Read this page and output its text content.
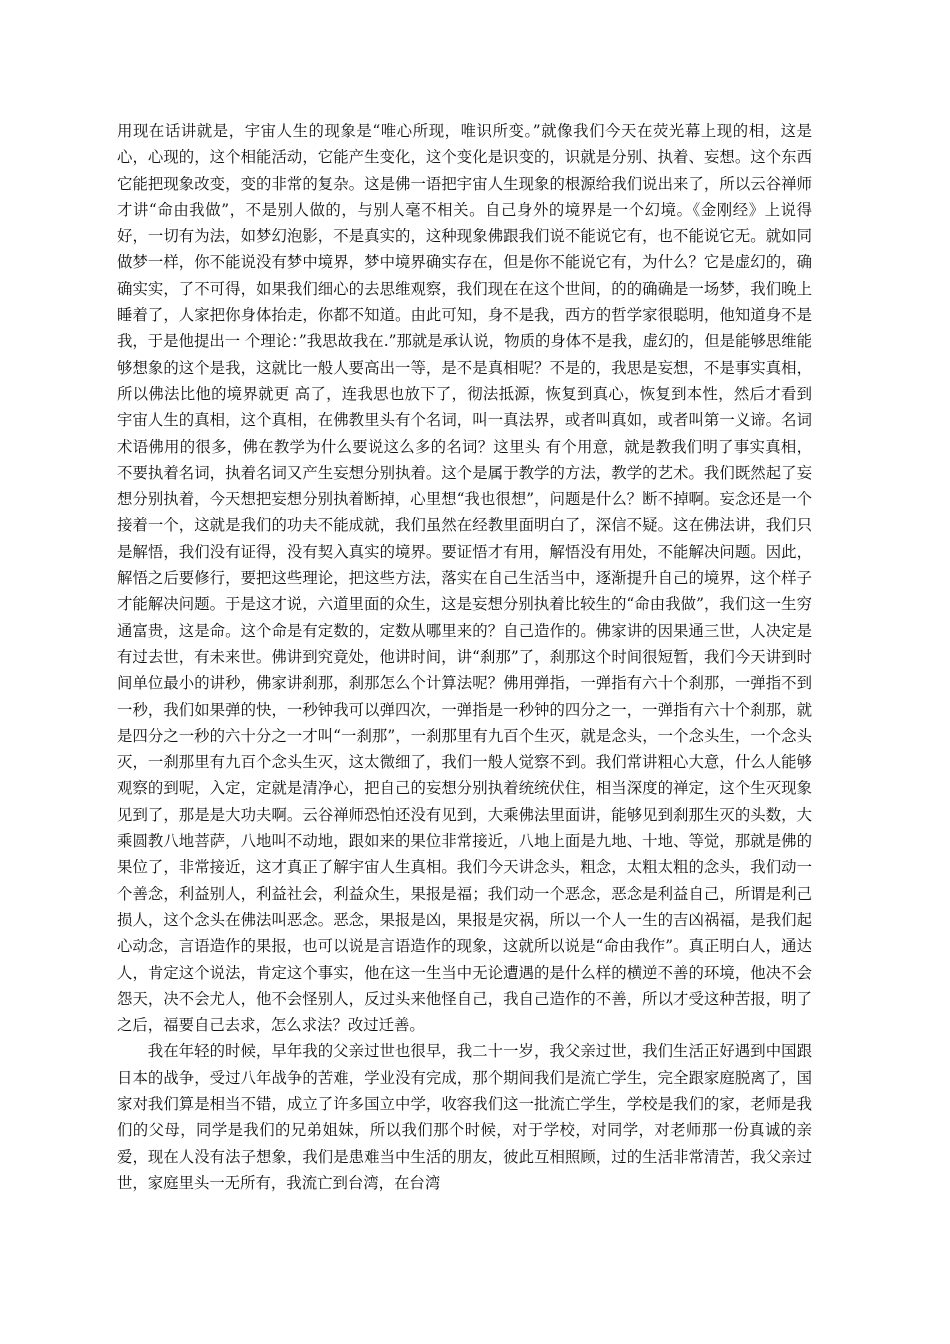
用现在话讲就是，宇宙人生的现象是“唯心所现，唯识所变。”就像我们今天在荧光幕上现的相，这是心，心现的，这个相能活动，它能产生变化，这个变化是识变的，识就是分别、执着、妄想。这个东西它能把现象改变，变的非常的复杂。这是佛一语把宇宙人生现象的根源给我们说出来了，所以云谷禅师才讲“命由我做”，不是别人做的，与别人毫不相关。自己身外的境界是一个幻境。《金刚经》上说得好，一切有为法，如梦幻泡影，不是真实的，这种现象佛跟我们说不能说它有，也不能说它无。就如同做梦一样，你不能说没有梦中境界，梦中境界确实存在，但是你不能说它有，为什么？它是虚幻的，确确实实，了不可得，如果我们细心的去思维观察，我们现在在这个世间，的的确确是一场梦，我们晚上睡着了，人家把你身体抬走，你都不知道。由此可知，身不是我，西方的哲学家很聪明，他知道身不是我，于是他提出一 个理论：”我思故我在.”那就是承认说，物质的身体不是我，虚幻的，但是能够思维能够想象的这个是我，这就比一般人要高出一等，是不是真相呢？不是的，我思是妄想，不是事实真相，所以佛法比他的境界就更 高了，连我思也放下了，彻法抵源，恢复到真心，恢复到本性，然后才看到宇宙人生的真相，这个真相，在佛教里头有个名词，叫一真法界，或者叫真如，或者叫第一义谛。名词术语佛用的很多，佛在教学为什么要说这么多的名词？这里头 有个用意，就是教我们明了事实真相，不要执着名词，执着名词又产生妄想分别执着。这个是属于教学的方法，教学的艺术。我们既然起了妄想分别执着，今天想把妄想分别执着断掉，心里想“我也很想”，问题是什么？断不掉啊。妄念还是一个接着一个，这就是我们的功夫不能成就，我们虽然在经教里面明白了，深信不疑。这在佛法讲，我们只是解悟，我们没有证得，没有契入真实的境界。要证悟才有用，解悟没有用处，不能解决问题。因此，解悟之后要修行，要把这些理论，把这些方法，落实在自己生活当中，逐渐提升自己的境界，这个样子才能解决问题。于是这才说，六道里面的众生，这是妄想分别执着比较生的“命由我做”，我们这一生穷通富贵，这是命。这个命是有定数的，定数从哪里来的？自己造作的。佛家讲的因果通三世，人决定是有过去世，有未来世。佛讲到究竟处，他讲时间，讲“刹那”了，刹那这个时间很短暂，我们今天讲到时间单位最小的讲秒，佛家讲刹那，刹那怎么个计算法呢？佛用弹指，一弹指有六十个刹那，一弹指不到一秒，我们如果弹的快，一秒钟我可以弹四次，一弹指是一秒钟的四分之一，一弹指有六十个刹那，就是四分之一秒的六十分之一才叫“一刹那”，一刹那里有九百个生灭，就是念头，一个念头生，一个念头灭，一刹那里有九百个念头生灭，这太微细了，我们一般人觉察不到。我们常讲粗心大意，什么人能够观察的到呢，入定，定就是清净心，把自己的妄想分别执着统统伏住，相当深度的禅定，这个生灭现象见到了，那是是大功夫啊。云谷禅师恐怕还没有见到，大乘佛法里面讲，能够见到刹那生灭的头数，大乘圆教八地菩萨，八地叫不动地，跟如来的果位非常接近，八地上面是九地、十地、等觉，那就是佛的果位了，非常接近，这才真正了解宇宙人生真相。我们今天讲念头，粗念，太粗太粗的念头，我们动一个善念，利益别人，利益社会，利益众生，果报是福；我们动一个恶念，恶念是利益自己，所谓是利己损人，这个念头在佛法叫恶念。恶念，果报是凶，果报是灾祸，所以一个人一生的吉凶祸福，是我们起心动念，言语造作的果报，也可以说是言语造作的现象，这就所以说是“命由我作”。真正明白人，通达人，肯定这个说法，肯定这个事实，他在这一生当中无论遭遇的是什么样的横逆不善的环境，他决不会怨天，决不会尤人，他不会怪别人，反过头来他怪自己，我自己造作的不善，所以才受这种苦报，明了之后，福要自己去求，怎么求法？改过迁善。

我在年轻的时候，早年我的父亲过世也很早，我二十一岁，我父亲过世，我们生活正好遇到中国跟日本的战争，受过八年战争的苦难，学业没有完成，那个期间我们是流亡学生，完全跟家庭脱离了，国家对我们算是相当不错，成立了许多国立中学，收容我们这一批流亡学生，学校是我们的家，老师是我们的父母，同学是我们的兄弟姐妹，所以我们那个时候，对于学校，对同学，对老师那一份真诚的亲爱，现在人没有法子想象，我们是患难当中生活的朋友，彼此互相照顾，过的生活非常清苦，我父亲过世，家庭里头一无所有，我流亡到台湾，在台湾
